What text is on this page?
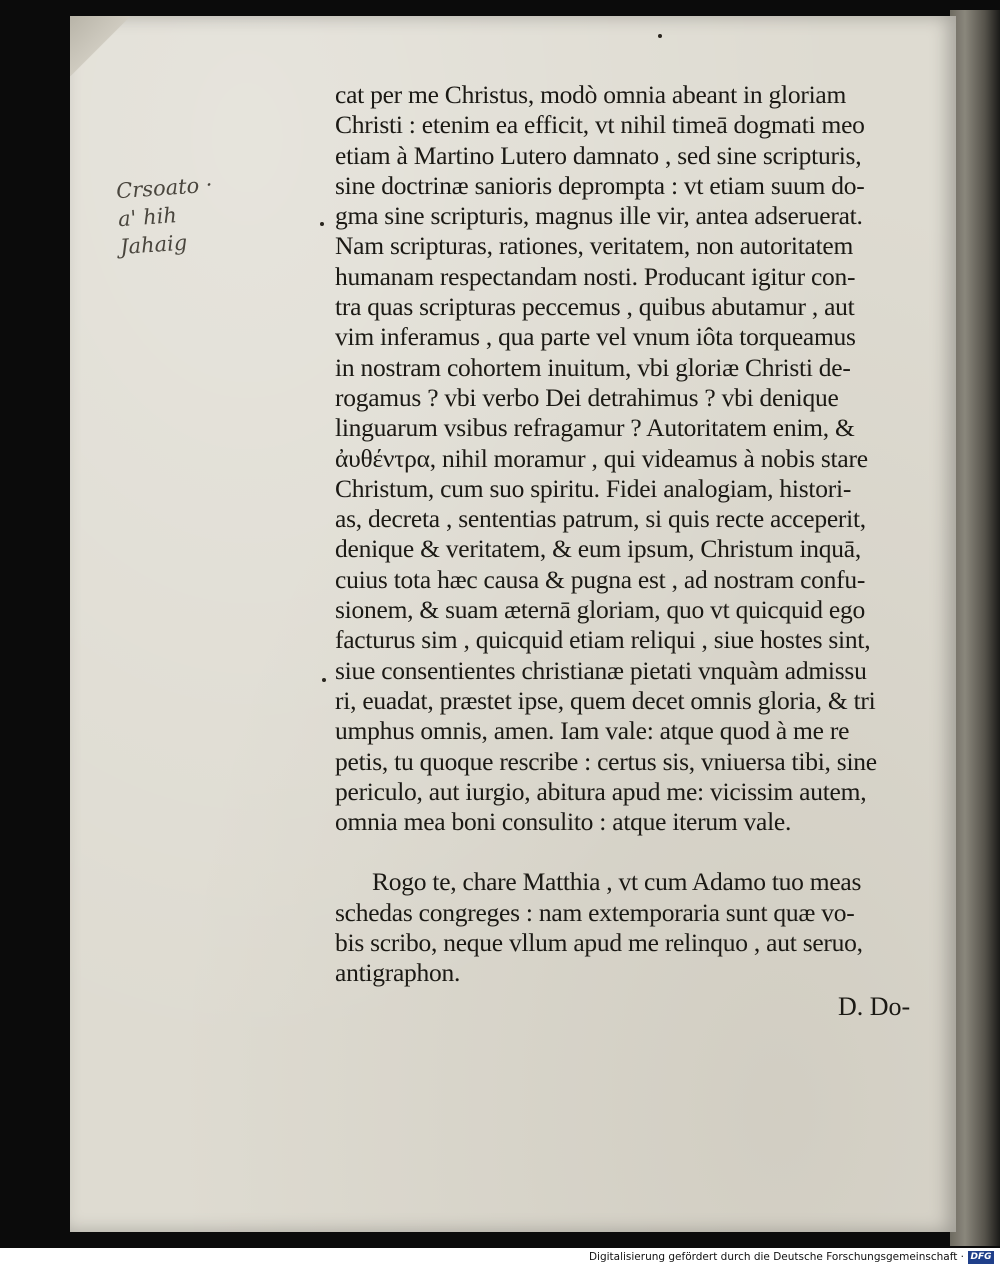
Crsoato ·
a' hih
Jahaig
cat per me Christus, modò omnia abeant in gloriam
Christi : etenim ea efficit, vt nihil timeā dogmati meo
etiam à Martino Lutero damnato , sed sine scripturis,
sine doctrinæ sanioris deprompta : vt etiam suum do-
gma sine scripturis, magnus ille vir, antea adseruerat.
Nam scripturas, rationes, veritatem, non autoritatem
humanam respectandam nosti. Producant igitur con-
tra quas scripturas peccemus , quibus abutamur , aut
vim inferamus , qua parte vel vnum iôta torqueamus
in nostram cohortem inuitum, vbi gloriæ Christi de-
rogamus ? vbi verbo Dei detrahimus ? vbi denique
linguarum vsibus refragamur ? Autoritatem enim, &
ἀυθέντρα, nihil moramur , qui videamus à nobis stare
Christum, cum suo spiritu. Fidei analogiam, histori-
as, decreta , sententias patrum, si quis recte acceperit,
denique & veritatem, & eum ipsum, Christum inquā,
cuius tota hæc causa & pugna est , ad nostram confu-
sionem, & suam æternā gloriam, quo vt quicquid ego
facturus sim , quicquid etiam reliqui , siue hostes sint,
siue consentientes christianæ pietati vnquàm admissu
ri, euadat, præstet ipse, quem decet omnis gloria, & tri
umphus omnis, amen. Iam vale: atque quod à me re
petis, tu quoque rescribe : certus sis, vniuersa tibi, sine
periculo, aut iurgio, abitura apud me: vicissim autem,
omnia mea boni consulito : atque iterum vale.
Rogo te, chare Matthia , vt cum Adamo tuo meas
schedas congreges : nam extemporaria sunt quæ vo-
bis scribo, neque vllum apud me relinquo , aut seruo,
antigraphon.
D. Do-
Digitalisierung gefördert durch die Deutsche Forschungsgemeinschaft · DFG
